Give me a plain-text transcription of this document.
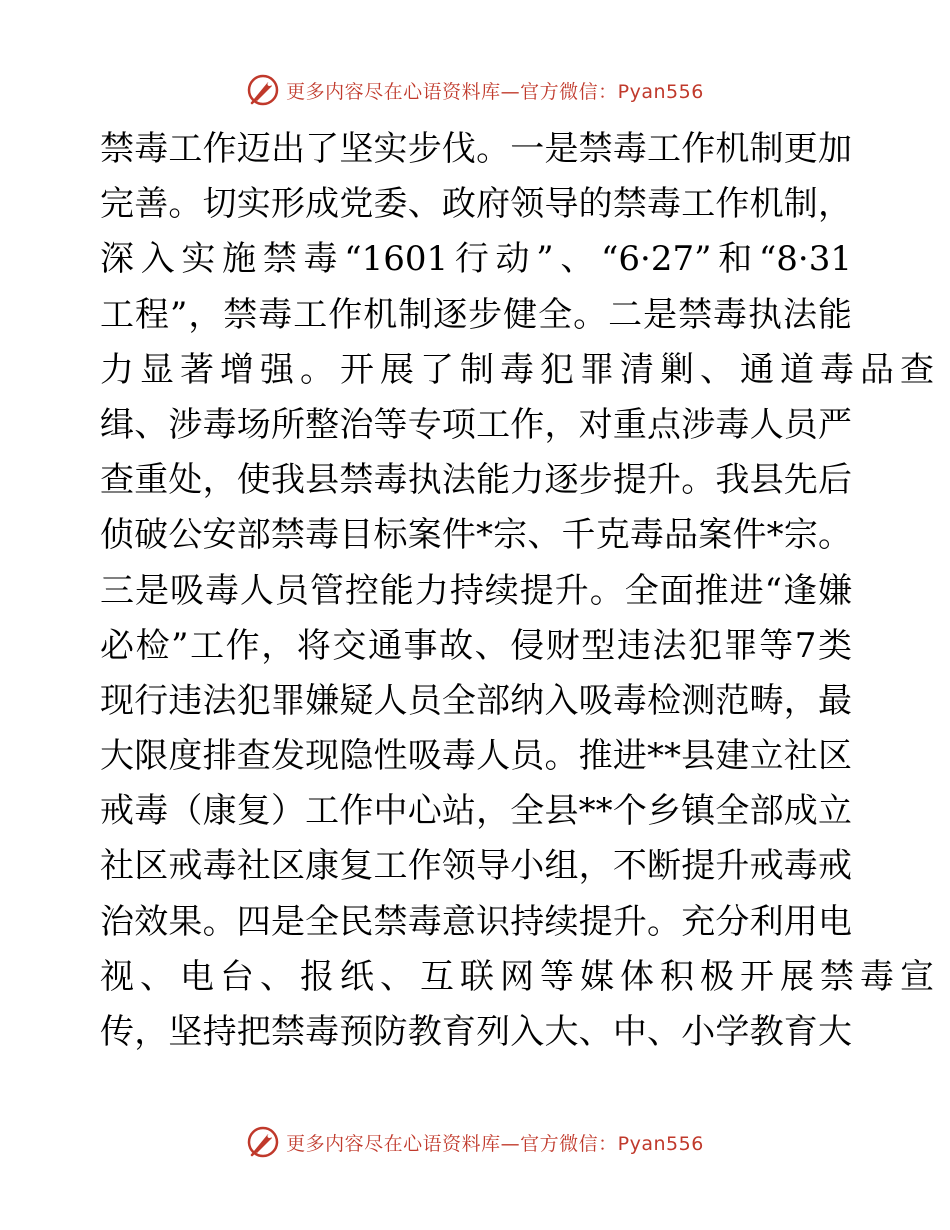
更多内容尽在心语资料库—官方微信：Pyan556
禁毒工作迈出了坚实步伐。一是禁毒工作机制更加
完善。切实形成党委、政府领导的禁毒工作机制，
深入实施禁毒“1601行动”、“6·27”和“8·31
工程”，禁毒工作机制逐步健全。二是禁毒执法能
力显著增强。开展了制毒犯罪清剿、通道毒品查
缉、涉毒场所整治等专项工作，对重点涉毒人员严
查重处，使我县禁毒执法能力逐步提升。我县先后
侦破公安部禁毒目标案件*宗、千克毒品案件*宗。
三是吸毒人员管控能力持续提升。全面推进“逢嫌
必检”工作，将交通事故、侵财型违法犯罪等7类
现行违法犯罪嫌疑人员全部纳入吸毒检测范畴，最
大限度排查发现隐性吸毒人员。推进**县建立社区
戒毒（康复）工作中心站，全县**个乡镇全部成立
社区戒毒社区康复工作领导小组，不断提升戒毒戒
治效果。四是全民禁毒意识持续提升。充分利用电
视、电台、报纸、互联网等媒体积极开展禁毒宣
传，坚持把禁毒预防教育列入大、中、小学教育大
更多内容尽在心语资料库—官方微信：Pyan556
